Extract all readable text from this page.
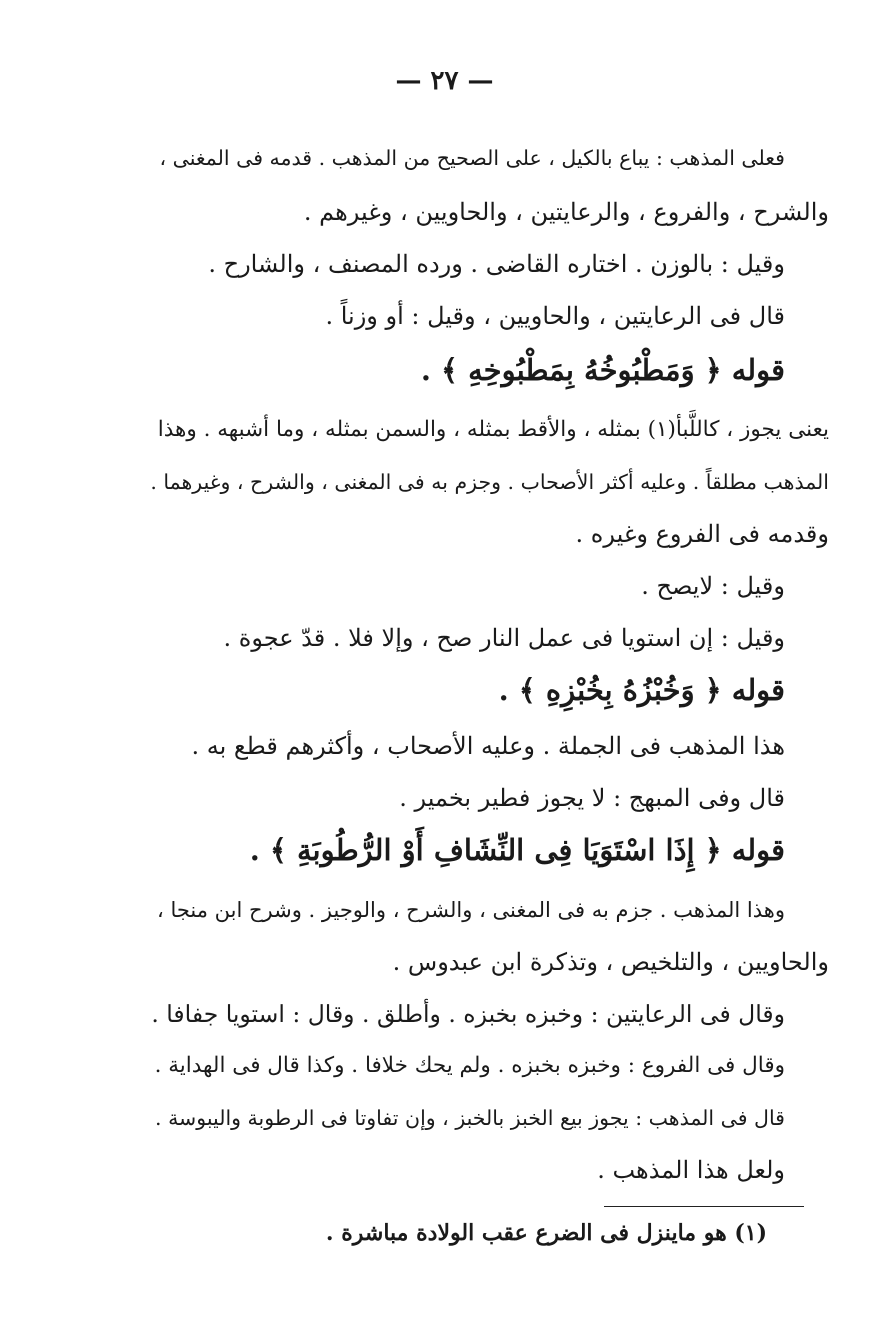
— ٢٧ —
فعلى المذهب : يباع بالكيل ، على الصحيح من المذهب . قدمه فى المغنى ،
والشرح ، والفروع ، والرعايتين ، والحاويين ، وغيرهم .
وقيل : بالوزن . اختاره القاضى . ورده المصنف ، والشارح .
قال فى الرعايتين ، والحاويين ، وقيل : أو وزناً .
قوله ﴿ وَمَطْبُوخُهُ بِمَطْبُوخِهِ ﴾ .
يعنى يجوز ، كاللَّبأ(١) بمثله ، والأقط بمثله ، والسمن بمثله ، وما أشبهه . وهذا
المذهب مطلقاً . وعليه أكثر الأصحاب . وجزم به فى المغنى ، والشرح ، وغيرهما .
وقدمه فى الفروع وغيره .
وقيل : لايصح .
وقيل : إن استويا فى عمل النار صح ، وإلا فلا . قدّ عجوة .
قوله ﴿ وَخُبْزُهُ بِخُبْزِهِ ﴾ .
هذا المذهب فى الجملة . وعليه الأصحاب ، وأكثرهم قطع به .
قال وفى المبهج : لا يجوز فطير بخمير .
قوله ﴿ إِذَا اسْتَوَيَا فِى النِّشَافِ أَوْ الرُّطُوبَةِ ﴾ .
وهذا المذهب . جزم به فى المغنى ، والشرح ، والوجيز . وشرح ابن منجا ،
والحاويين ، والتلخيص ، وتذكرة ابن عبدوس .
وقال فى الرعايتين : وخبزه بخبزه . وأطلق . وقال : استويا جفافا .
وقال فى الفروع : وخبزه بخبزه . ولم يحك خلافا . وكذا قال فى الهداية .
قال فى المذهب : يجوز بيع الخبز بالخبز ، وإن تفاوتا فى الرطوبة واليبوسة .
ولعل هذا المذهب .
(١) هو ماينزل فى الضرع عقب الولادة مباشرة .
